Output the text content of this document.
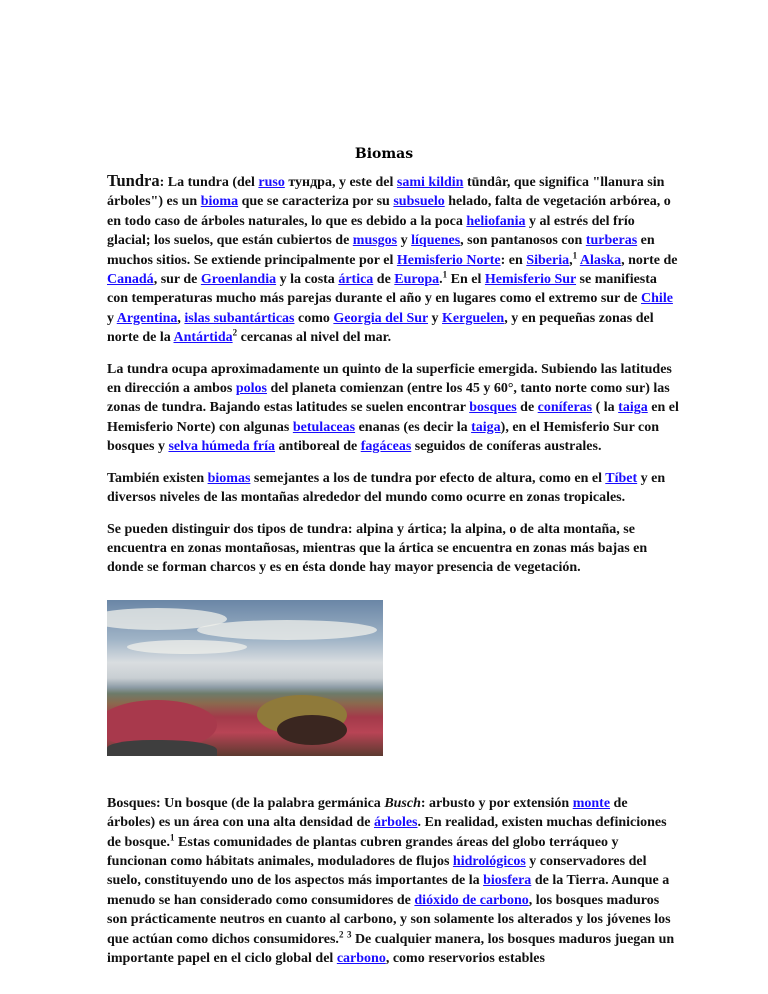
Biomas

Tundra: La tundra (del ruso тундра, y este del sami kildin tūndâr, que significa "llanura sin árboles") es un bioma que se caracteriza por su subsuelo helado, falta de vegetación arbórea, o en todo caso de árboles naturales, lo que es debido a la poca heliofania y al estrés del frío glacial; los suelos, que están cubiertos de musgos y líquenes, son pantanosos con turberas en muchos sitios. Se extiende principalmente por el Hemisferio Norte: en Siberia,$^1$ Alaska, norte de Canadá, sur de Groenlandia y la costa ártica de Europa.$^1$ En el Hemisferio Sur se manifiesta con temperaturas mucho más parejas durante el año y en lugares como el extremo sur de Chile y Argentina, islas subantárticas como Georgia del Sur y Kerguelen, y en pequeñas zonas del norte de la Antártida$^2$ cercanas al nivel del mar.

La tundra ocupa aproximadamente un quinto de la superficie emergida. Subiendo las latitudes en dirección a ambos polos del planeta comienzan (entre los 45 y 60°, tanto norte como sur) las zonas de tundra. Bajando estas latitudes se suelen encontrar bosques de coníferas ( la taiga en el Hemisferio Norte) con algunas betulaceas enanas (es decir la taiga), en el Hemisferio Sur con bosques y selva húmeda fría antiboreal de fagáceas seguidos de coníferas australes.

También existen biomas semejantes a los de tundra por efecto de altura, como en el Tíbet y en diversos niveles de las montañas alrededor del mundo como ocurre en zonas tropicales.

Se pueden distinguir dos tipos de tundra: alpina y ártica; la alpina, o de alta montaña, se encuentra en zonas montañosas, mientras que la ártica se encuentra en zonas más bajas en donde se forman charcos y es en ésta donde hay mayor presencia de vegetación.

Bosques: Un bosque (de la palabra germánica Busch: arbusto y por extensión monte de árboles) es un área con una alta densidad de árboles. En realidad, existen muchas definiciones de bosque.$^1$ Estas comunidades de plantas cubren grandes áreas del globo terráqueo y funcionan como hábitats animales, moduladores de flujos hidrológicos y conservadores del suelo, constituyendo uno de los aspectos más importantes de la biosfera de la Tierra. Aunque a menudo se han considerado como consumidores de dióxido de carbono, los bosques maduros son prácticamente neutros en cuanto al carbono, y son solamente los alterados y los jóvenes los que actúan como dichos consumidores.$^2$ $^3$ De cualquier manera, los bosques maduros juegan un importante papel en el ciclo global del carbono, como reservorios estables
